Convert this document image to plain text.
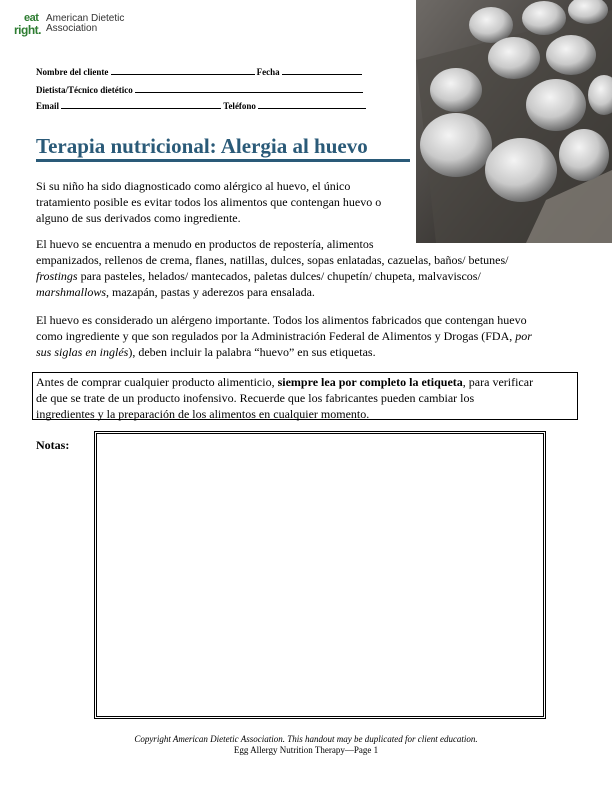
eat
right.
American Dietetic
Association
Nombre del cliente	Fecha
Dietista/Técnico dietético
Email	Teléfono
Terapia nutricional: Alergia al huevo
Si su niño ha sido diagnosticado como alérgico al huevo, el único tratamiento posible es evitar todos los alimentos que contengan huevo o alguno de sus derivados como ingrediente.
El huevo se encuentra a menudo en productos de repostería, alimentos
empanizados, rellenos de crema, flanes, natillas, dulces, sopas enlatadas, cazuelas, baños/ betunes/
frostings para pasteles, helados/ mantecados, paletas dulces/ chupetín/ chupeta, malvaviscos/
marshmallows, mazapán, pastas y aderezos para ensalada.
El huevo es considerado un alérgeno importante. Todos los alimentos fabricados que contengan huevo
como ingrediente y que son regulados por la Administración Federal de Alimentos y Drogas (FDA, por
sus siglas en inglés), deben incluir la palabra “huevo” en sus etiquetas.
Antes de comprar cualquier producto alimenticio, siempre lea por completo la etiqueta, para verificar
de que se trate de un producto inofensivo. Recuerde que los fabricantes pueden cambiar los
ingredientes y la preparación de los alimentos en cualquier momento.
Notas:
Copyright American Dietetic Association. This handout may be duplicated for client education.
Egg Allergy Nutrition Therapy—Page 1
